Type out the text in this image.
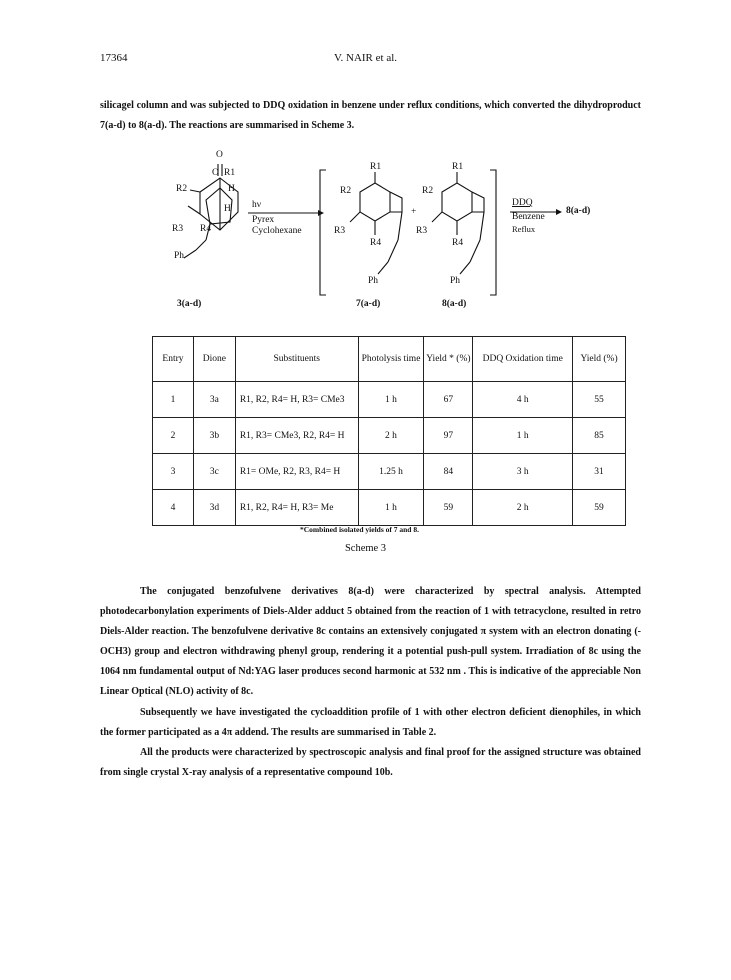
17364	V. NAIR et al.
silicagel column and was subjected to DDQ oxidation in benzene under reflux conditions, which converted the dihydroproduct 7(a-d) to 8(a-d). The reactions are summarised in Scheme 3.
O
O R1
R2	H
H
R3 R4
Ph
hν
Pyrex
Cyclohexane
R1
R2
R3
R4
Ph
+
R1
R2
R3
R4
Ph
DDQ
Benzene
Reflux
8(a-d)
3(a-d)	7(a-d)	8(a-d)
Entry	Dione	Substituents	Photolysis time	Yield * (%)	DDQ Oxidation time	Yield (%)
1	3a	R1, R2, R4= H, R3= CMe3	1 h	67	4 h	55
2	3b	R1, R3= CMe3, R2, R4= H	2 h	97	1 h	85
3	3c	R1= OMe, R2, R3, R4= H	1.25 h	84	3 h	31
4	3d	R1, R2, R4= H, R3= Me	1 h	59	2 h	59
*Combined isolated yields of 7 and 8.
Scheme 3
The conjugated benzofulvene derivatives 8(a-d) were characterized by spectral analysis. Attempted photodecarbonylation experiments of Diels-Alder adduct 5 obtained from the reaction of 1 with tetracyclone, resulted in retro Diels-Alder reaction. The benzofulvene derivative 8c contains an extensively conjugated π system with an electron donating (-OCH3) group and electron withdrawing phenyl group, rendering it a potential push-pull system. Irradiation of 8c using the 1064 nm fundamental output of Nd:YAG laser produces second harmonic at 532 nm . This is indicative of the appreciable Non Linear Optical (NLO) activity of 8c.
Subsequently we have investigated the cycloaddition profile of 1 with other electron deficient dienophiles, in which the former participated as a 4π addend. The results are summarised in Table 2.
All the products were characterized by spectroscopic analysis and final proof for the assigned structure was obtained from single crystal X-ray analysis of a representative compound 10b.
